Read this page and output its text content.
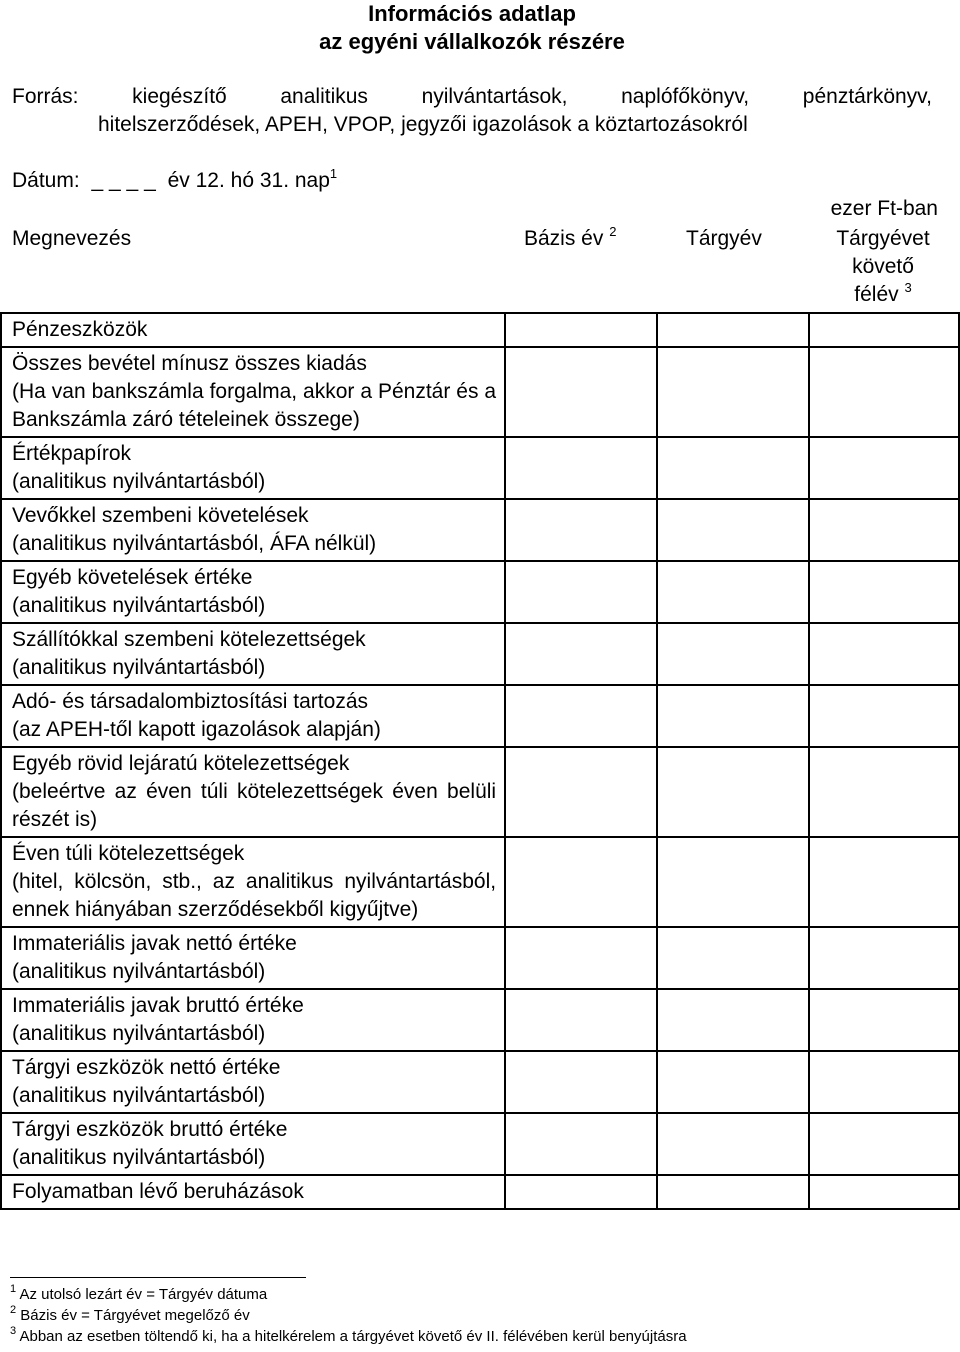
Információs adatlap
az egyéni vállalkozók részére
Forrás:	kiegészítő	analitikus	nyilvántartások,	naplófőkönyv,	pénztárkönyv,
hitelszerződések, APEH, VPOP, jegyzői igazolások a köztartozásokról
Dátum: _ _ _ _ év 12. hó 31. nap$^1$
ezer Ft-ban
Megnevezés	Bázis év $^2$	Tárgyév	Tárgyévet
követő
félév $^3$
Pénzeszközök			

Összes bevétel mínusz összes kiadás
(Ha van bankszámla forgalma, akkor a Pénztár és a Bankszámla záró tételeinek összege)			

Értékpapírok
(analitikus nyilvántartásból)			

Vevőkkel szembeni követelések
(analitikus nyilvántartásból, ÁFA nélkül)			

Egyéb követelések értéke
(analitikus nyilvántartásból)			

Szállítókkal szembeni kötelezettségek
(analitikus nyilvántartásból)			

Adó- és társadalombiztosítási tartozás
(az APEH-től kapott igazolások alapján)			

Egyéb rövid lejáratú kötelezettségek
(beleértve az éven túli kötelezettségek éven belüli részét is)			

Éven túli kötelezettségek
(hitel, kölcsön, stb., az analitikus nyilvántartásból, ennek hiányában szerződésekből kigyűjtve)			

Immateriális javak nettó értéke
(analitikus nyilvántartásból)			

Immateriális javak bruttó értéke
(analitikus nyilvántartásból)			

Tárgyi eszközök nettó értéke
(analitikus nyilvántartásból)			

Tárgyi eszközök bruttó értéke
(analitikus nyilvántartásból)			

Folyamatban lévő beruházások			

$^1$ Az utolsó lezárt év = Tárgyév dátuma
$^2$ Bázis év = Tárgyévet megelőző év
$^3$ Abban az esetben töltendő ki, ha a hitelkérelem a tárgyévet követő év II. félévében kerül benyújtásra
